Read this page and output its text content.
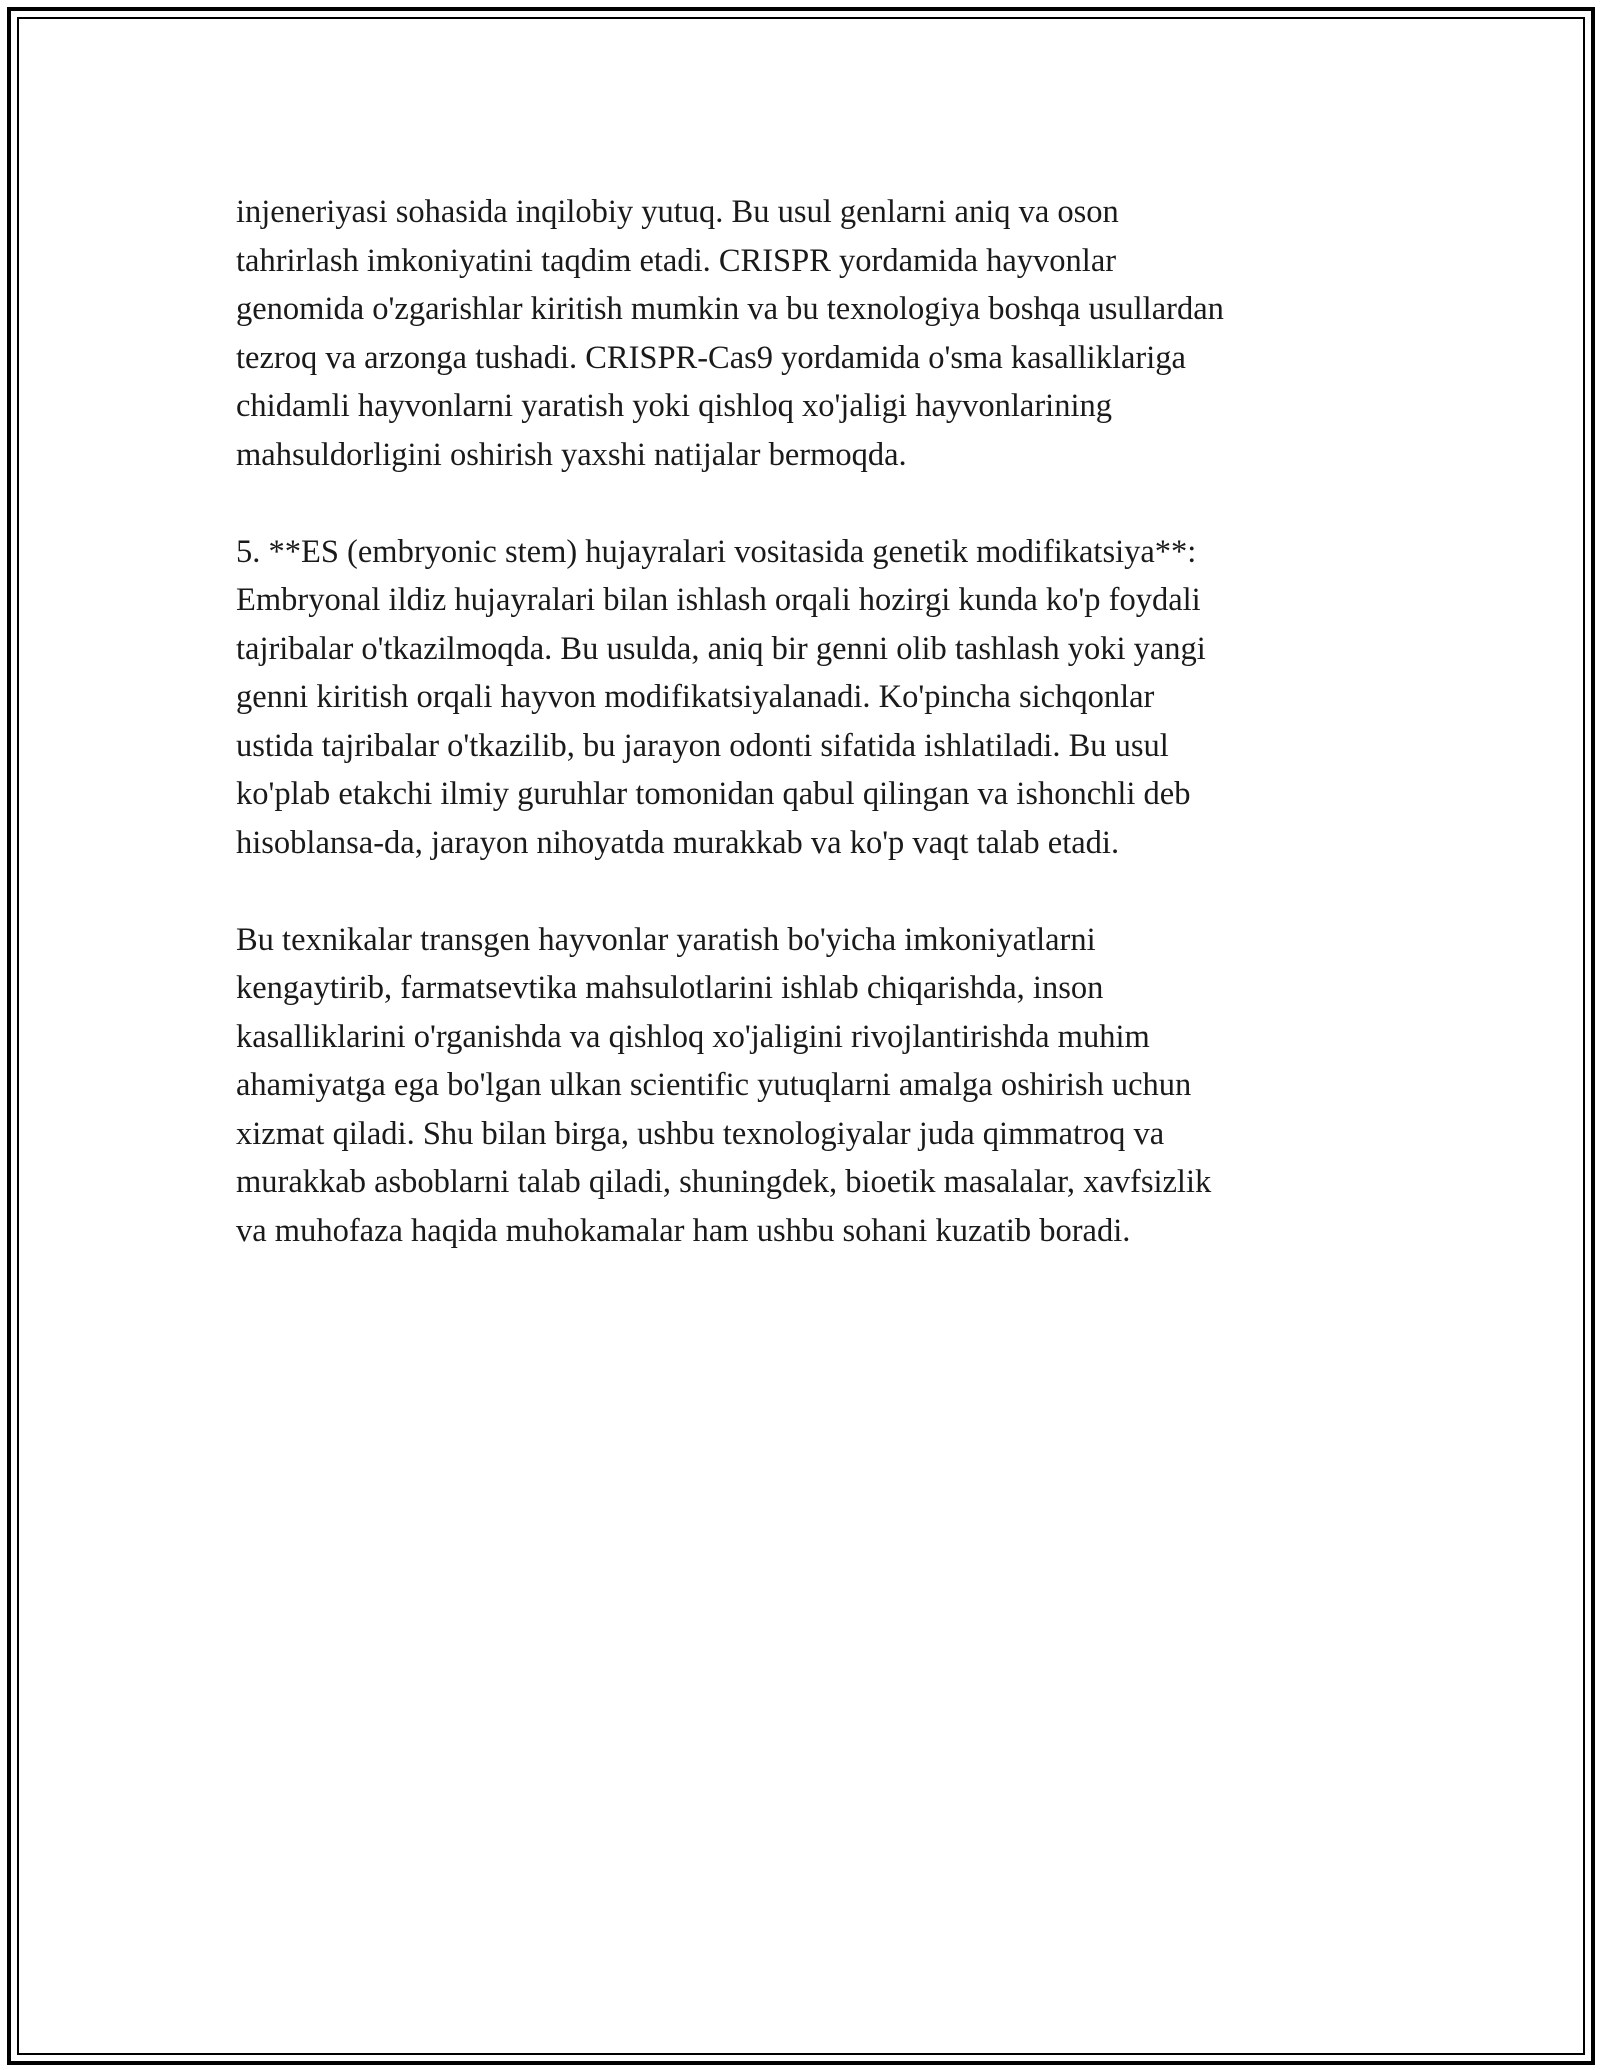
injeneriyasi sohasida inqilobiy yutuq. Bu usul genlarni aniq va oson
tahrirlash imkoniyatini taqdim etadi. CRISPR yordamida hayvonlar
genomida o'zgarishlar kiritish mumkin va bu texnologiya boshqa usullardan
tezroq va arzonga tushadi. CRISPR-Cas9 yordamida o'sma kasalliklariga
chidamli hayvonlarni yaratish yoki qishloq xo'jaligi hayvonlarining
mahsuldorligini oshirish yaxshi natijalar bermoqda.

5. **ES (embryonic stem) hujayralari vositasida genetik modifikatsiya**:
Embryonal ildiz hujayralari bilan ishlash orqali hozirgi kunda ko'p foydali
tajribalar o'tkazilmoqda. Bu usulda, aniq bir genni olib tashlash yoki yangi
genni kiritish orqali hayvon modifikatsiyalanadi. Ko'pincha sichqonlar
ustida tajribalar o'tkazilib, bu jarayon odonti sifatida ishlatiladi. Bu usul
ko'plab etakchi ilmiy guruhlar tomonidan qabul qilingan va ishonchli deb
hisoblansa-da, jarayon nihoyatda murakkab va ko'p vaqt talab etadi.

Bu texnikalar transgen hayvonlar yaratish bo'yicha imkoniyatlarni
kengaytirib, farmatsevtika mahsulotlarini ishlab chiqarishda, inson
kasalliklarini o'rganishda va qishloq xo'jaligini rivojlantirishda muhim
ahamiyatga ega bo'lgan ulkan scientific yutuqlarni amalga oshirish uchun
xizmat qiladi. Shu bilan birga, ushbu texnologiyalar juda qimmatroq va
murakkab asboblarni talab qiladi, shuningdek, bioetik masalalar, xavfsizlik
va muhofaza haqida muhokamalar ham ushbu sohani kuzatib boradi.
